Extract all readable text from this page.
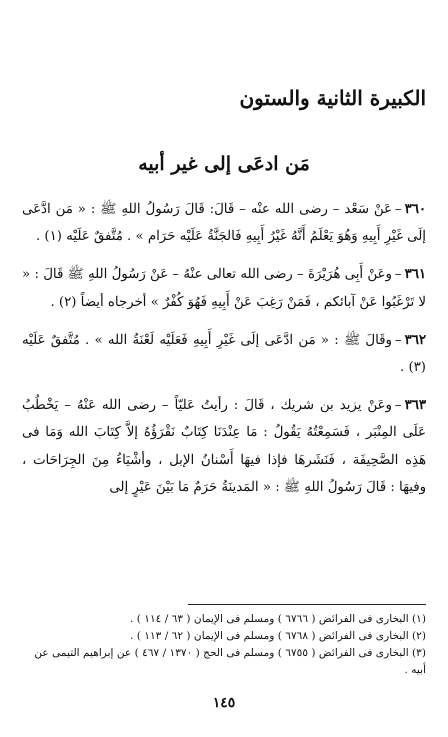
الكبيرة الثانية والستون
مَن ادعَى إلى غير أبيه

٣٦٠–عَنْ سَعْد – رضى الله عنْه – قَالَ: قَالَ رَسُولُ اللهِ ﷺ : « مَن ادَّعَى إلَى غَيْرِ أَبِيهِ وَهُوَ يَعْلَمُ أَنَّهُ غَيْرُ أَبِيهِ فَالجَنَّةُ عَلَيْه حَرَام » . مُتَّفقٌ عَلَيْه (١) .

٣٦١–وعَنْ أَبِى هُرَيْرَةَ – رضى الله تعالى عنْهُ – عَنْ رَسُولُ اللهِ ﷺ قَالَ : « لا تَرْغَبُوا عَنْ آبائكم ، فَمَنْ رَغِبَ عَنْ أَبِيهِ فَهُوَ كُفْرٌ » أخرجاه أيضاً (٢) .

٣٦٢–وقَالَ ﷺ : « مَن ادَّعَى إلَى غَيْرِ أَبِيهِ فَعَلَيْه لَعْنَةُ الله » . مُتَّفقٌ عَلَيْه (٣) .

٣٦٣–وعَنْ يزيد بن شريك ، قَالَ : رأيتُ عَليّاً – رضى الله عَنْهُ – يَخْطُبُ عَلَى المِنْبَر ، فَسَمِعْتُهُ يَقُولُ : مَا عِنْدَنَا كِتَابٌ نَقْرَؤُهُ إلاَّ كِتَابَ الله وَمَا فى هَذِه الصَّحِيفَة ، فَنَشَرهَا فإذا فيهَا أَسْنانُ الإبل ، وأشْيَاءُ مِنَ الجِرَاحَات ، وفيهَا : قَالَ رَسُولُ اللهِ ﷺ : « المَدينَةُ حَرَمٌ مَا بَيْنَ عَيْرٍ إلى

(١) البخارى فى الفرائض ( ٦٧٦٦ ) ومسلم فى الإيمان ( ٦٣ / ١١٤ ) .

(٢) البخارى فى الفرائض ( ٦٧٦٨ ) ومسلم فى الإيمان ( ٦٢ / ١١٣ ) .

(٣) البخارى فى الفرائض ( ٦٧٥٥ ) ومسلم فى الحج ( ١٣٧٠ / ٤٦٧ ) عن إبراهيم التيمى عن أبيه .

١٤٥
